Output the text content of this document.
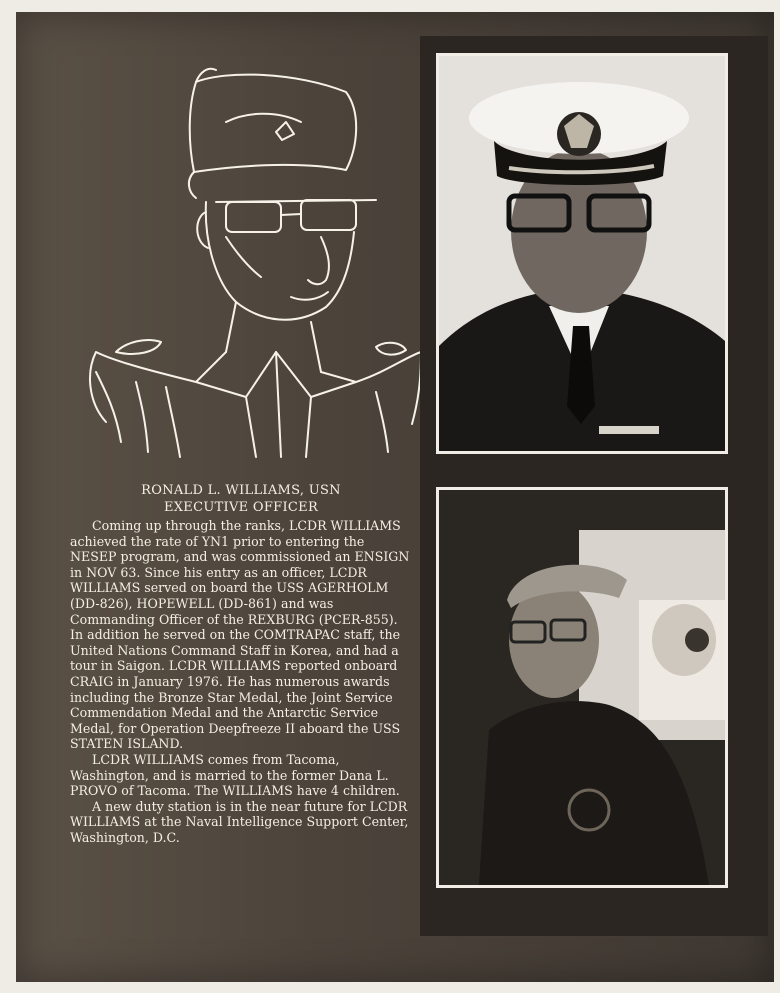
RONALD L. WILLIAMS, USN
EXECUTIVE OFFICER

Coming up through the ranks, LCDR WILLIAMS achieved the rate of YN1 prior to entering the NESEP program, and was commissioned an ENSIGN in NOV 63. Since his entry as an officer, LCDR WILLIAMS served on board the USS AGERHOLM (DD-826), HOPEWELL (DD-861) and was Commanding Officer of the REXBURG (PCER-855). In addition he served on the COMTRAPAC staff, the United Nations Command Staff in Korea, and had a tour in Saigon. LCDR WILLIAMS reported onboard CRAIG in January 1976. He has numerous awards including the Bronze Star Medal, the Joint Service Commendation Medal and the Antarctic Service Medal, for Operation Deepfreeze II aboard the USS STATEN ISLAND.

LCDR WILLIAMS comes from Tacoma, Washington, and is married to the former Dana L. PROVO of Tacoma. The WILLIAMS have 4 children.

A new duty station is in the near future for LCDR WILLIAMS at the Naval Intelligence Support Center, Washington, D.C.
